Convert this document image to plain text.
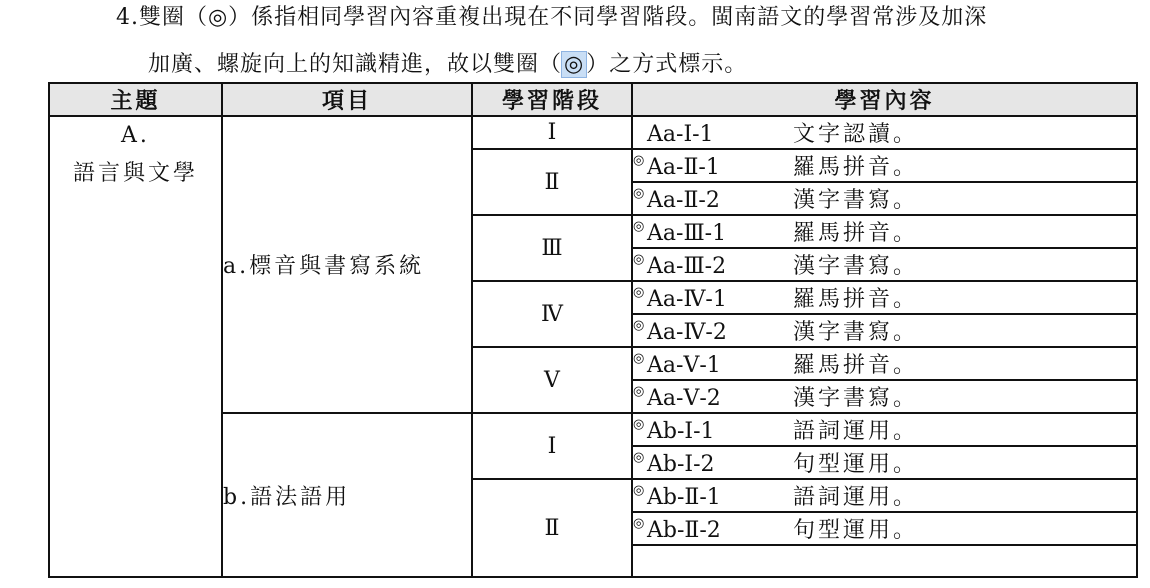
4.雙圈（◎）係指相同學習內容重複出現在不同學習階段。閩南語文的學習常涉及加深
加廣、螺旋向上的知識精進，故以雙圈（◎）之方式標示。
主題	項目	學習階段	學習內容

A.
語言與文學	a.標音與書寫系統	Ⅰ	Aa-Ⅰ-1 文字認讀。
		Ⅱ	◎ Aa-Ⅱ-1 羅馬拼音。
			◎ Aa-Ⅱ-2 漢字書寫。
		Ⅲ	◎ Aa-Ⅲ-1 羅馬拼音。
			◎ Aa-Ⅲ-2 漢字書寫。
		Ⅳ	◎ Aa-Ⅳ-1 羅馬拼音。
			◎ Aa-Ⅳ-2 漢字書寫。
		Ⅴ	◎ Aa-Ⅴ-1 羅馬拼音。
			◎ Aa-Ⅴ-2 漢字書寫。
	b.語法語用	Ⅰ	◎ Ab-Ⅰ-1 語詞運用。
			◎ Ab-Ⅰ-2 句型運用。
		Ⅱ	◎ Ab-Ⅱ-1 語詞運用。
			◎ Ab-Ⅱ-2 句型運用。
